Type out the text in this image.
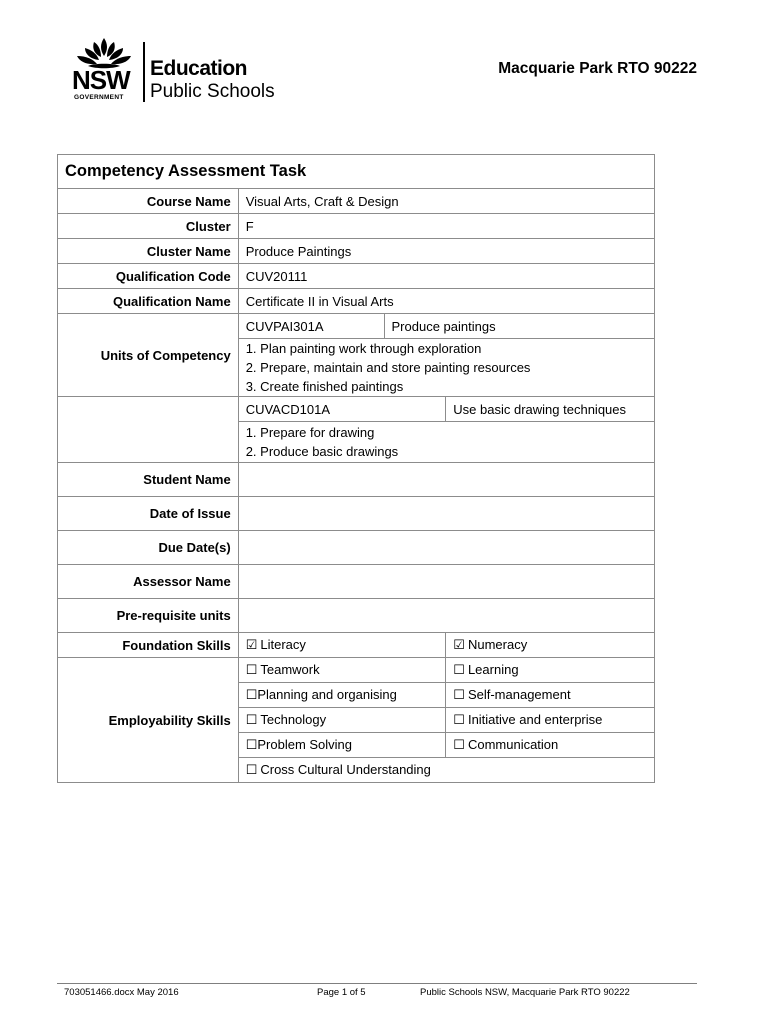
NSW
GOVERNMENT
Education
Public Schools
Macquarie Park RTO 90222
Competency Assessment Task			
Course Name	Visual Arts, Craft & Design		
Cluster	F		
Cluster Name	Produce Paintings		
Qualification Code	CUV20111		
Qualification Name	Certificate II in Visual Arts		
Units of Competency	CUVPAI301A	Produce paintings	

	1. Plan painting work through exploration
2. Prepare, maintain and store painting resources
3. Create finished paintings		

	CUVACD101A		Use basic drawing techniques

	1. Prepare for drawing
2. Produce basic drawings		

Student Name			
Date of Issue			
Due Date(s)			
Assessor Name			
Pre-requisite units			
Foundation Skills	☑ Literacy		☑ Numeracy
Employability Skills	☐ Teamwork		☐ Learning
	☐Planning and organising		☐ Self-management
	☐ Technology		☐ Initiative and enterprise
	☐Problem Solving		☐ Communication
	☐ Cross Cultural Understanding		
703051466.docx May 2016	Page 1 of 5	Public Schools NSW, Macquarie Park RTO 90222
